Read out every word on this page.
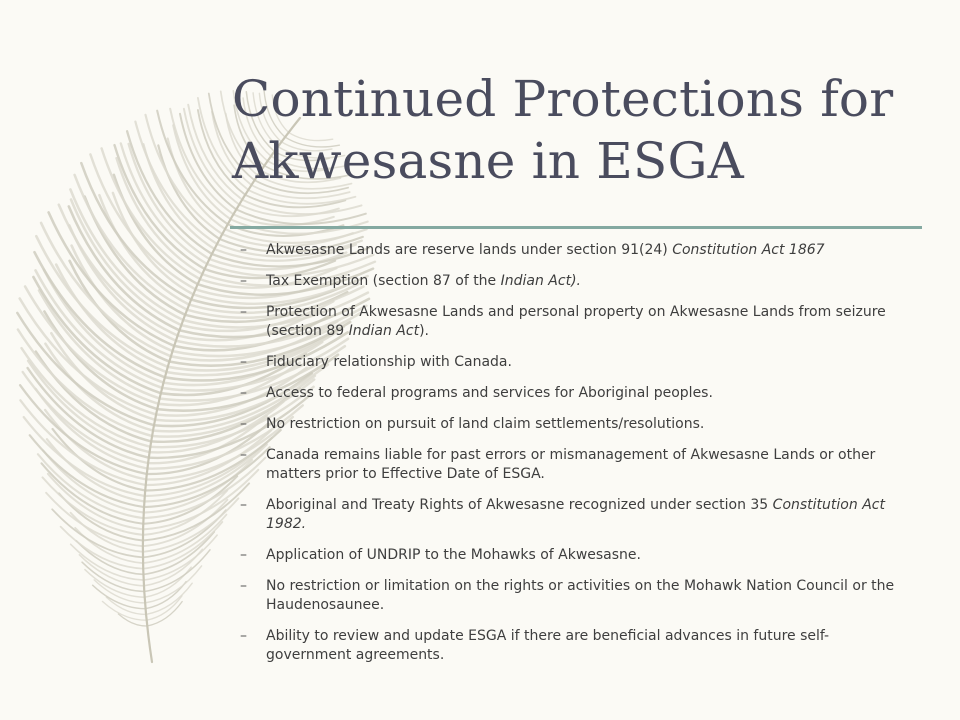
Continued Protections for
Akwesasne in ESGA
– Akwesasne Lands are reserve lands under section 91(24) Constitution Act 1867
– Tax Exemption (section 87 of the Indian Act).
– Protection of Akwesasne Lands and personal property on Akwesasne Lands from seizure (section 89 Indian Act).
– Fiduciary relationship with Canada.
– Access to federal programs and services for Aboriginal peoples.
– No restriction on pursuit of land claim settlements/resolutions.
– Canada remains liable for past errors or mismanagement of Akwesasne Lands or other matters prior to Effective Date of ESGA.
– Aboriginal and Treaty Rights of Akwesasne recognized under section 35 Constitution Act 1982.
– Application of UNDRIP to the Mohawks of Akwesasne.
– No restriction or limitation on the rights or activities on the Mohawk Nation Council or the Haudenosaunee.
– Ability to review and update ESGA if there are beneficial advances in future self-government agreements.
